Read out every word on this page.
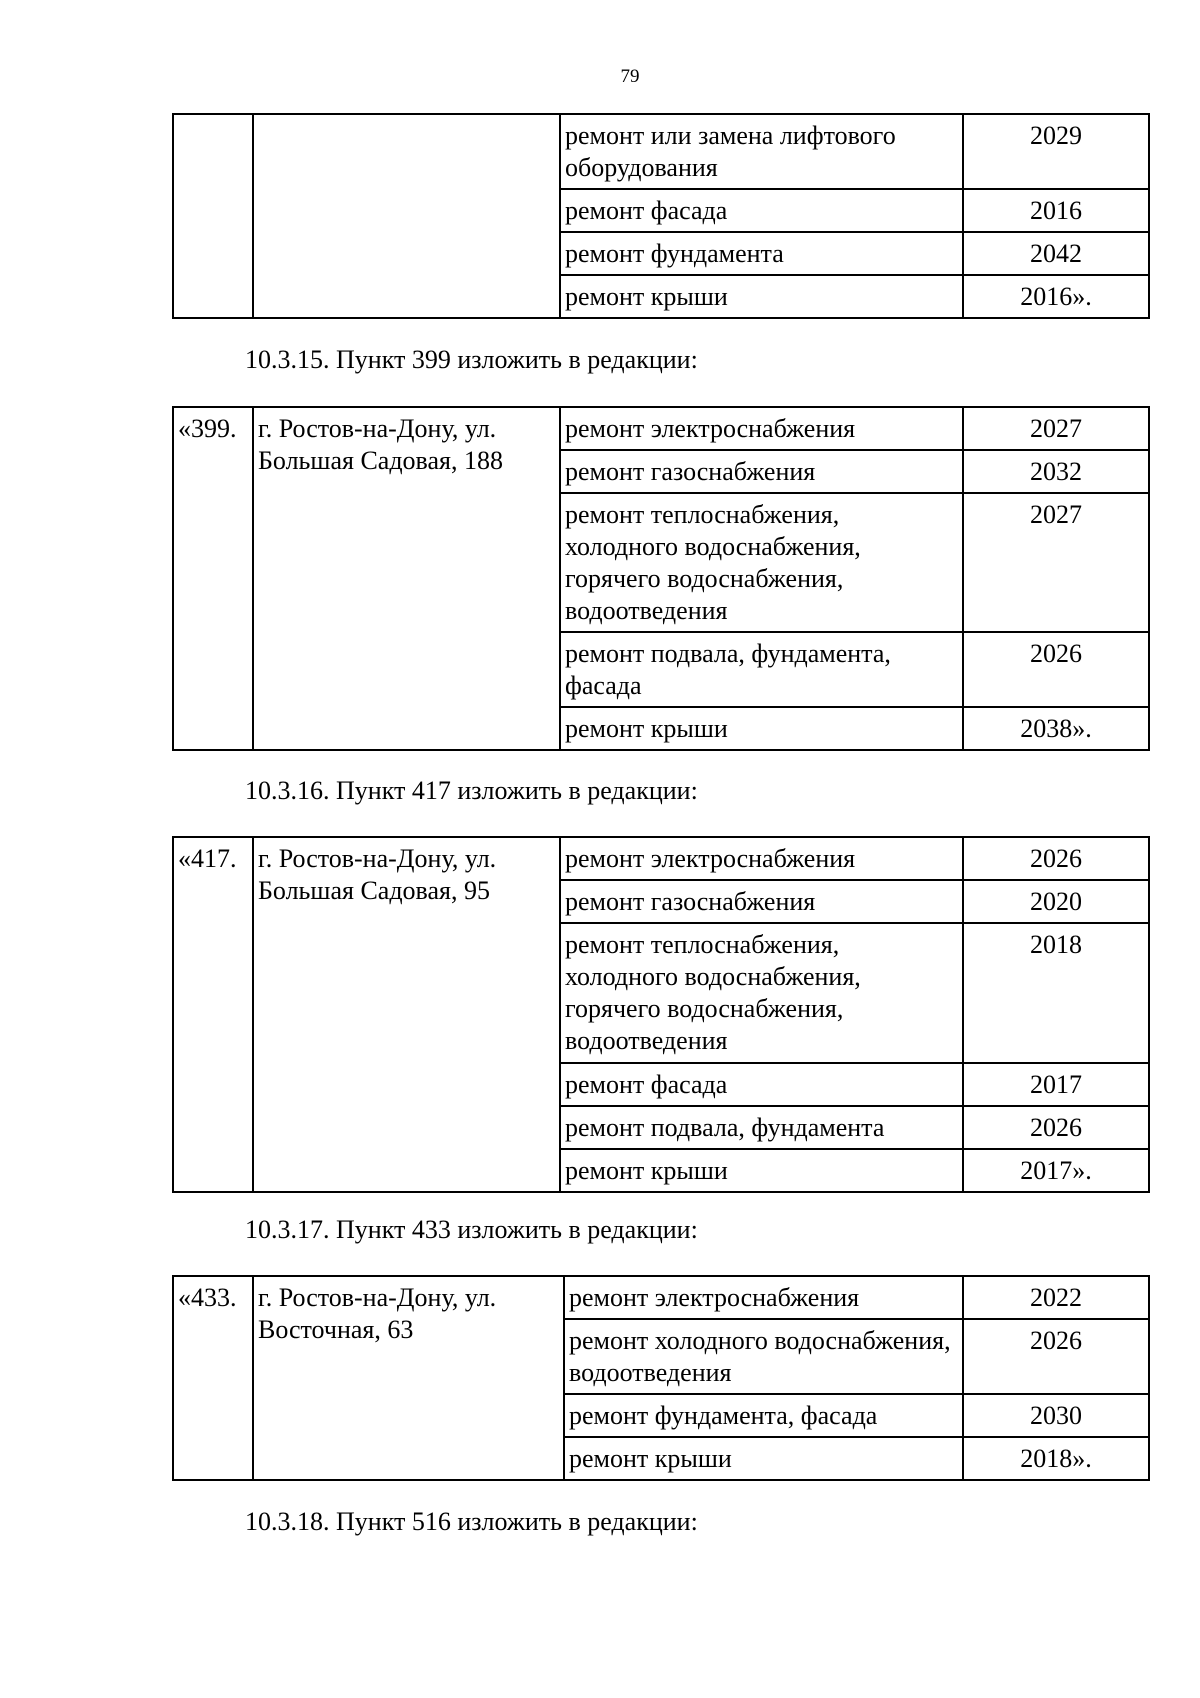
79
		ремонт или замена лифтового оборудования	2029
		ремонт фасада	2016
		ремонт фундамента	2042
		ремонт крыши	2016».
10.3.15. Пункт 399 изложить в редакции:
«399.	г. Ростов-на-Дону, ул. Большая Садовая, 188	ремонт электроснабжения	2027
		ремонт газоснабжения	2032
		ремонт теплоснабжения, холодного водоснабжения, горячего водоснабжения, водоотведения	2027
		ремонт подвала, фундамента, фасада	2026
		ремонт крыши	2038».
10.3.16. Пункт 417 изложить в редакции:
«417.	г. Ростов-на-Дону, ул. Большая Садовая, 95	ремонт электроснабжения	2026
		ремонт газоснабжения	2020
		ремонт теплоснабжения, холодного водоснабжения, горячего водоснабжения, водоотведения	2018
		ремонт фасада	2017
		ремонт подвала, фундамента	2026
		ремонт крыши	2017».
10.3.17. Пункт 433 изложить в редакции:
«433.	г. Ростов-на-Дону, ул. Восточная, 63	ремонт электроснабжения	2022
		ремонт холодного водоснабжения, водоотведения	2026
		ремонт фундамента, фасада	2030
		ремонт крыши	2018».
10.3.18. Пункт 516 изложить в редакции:
